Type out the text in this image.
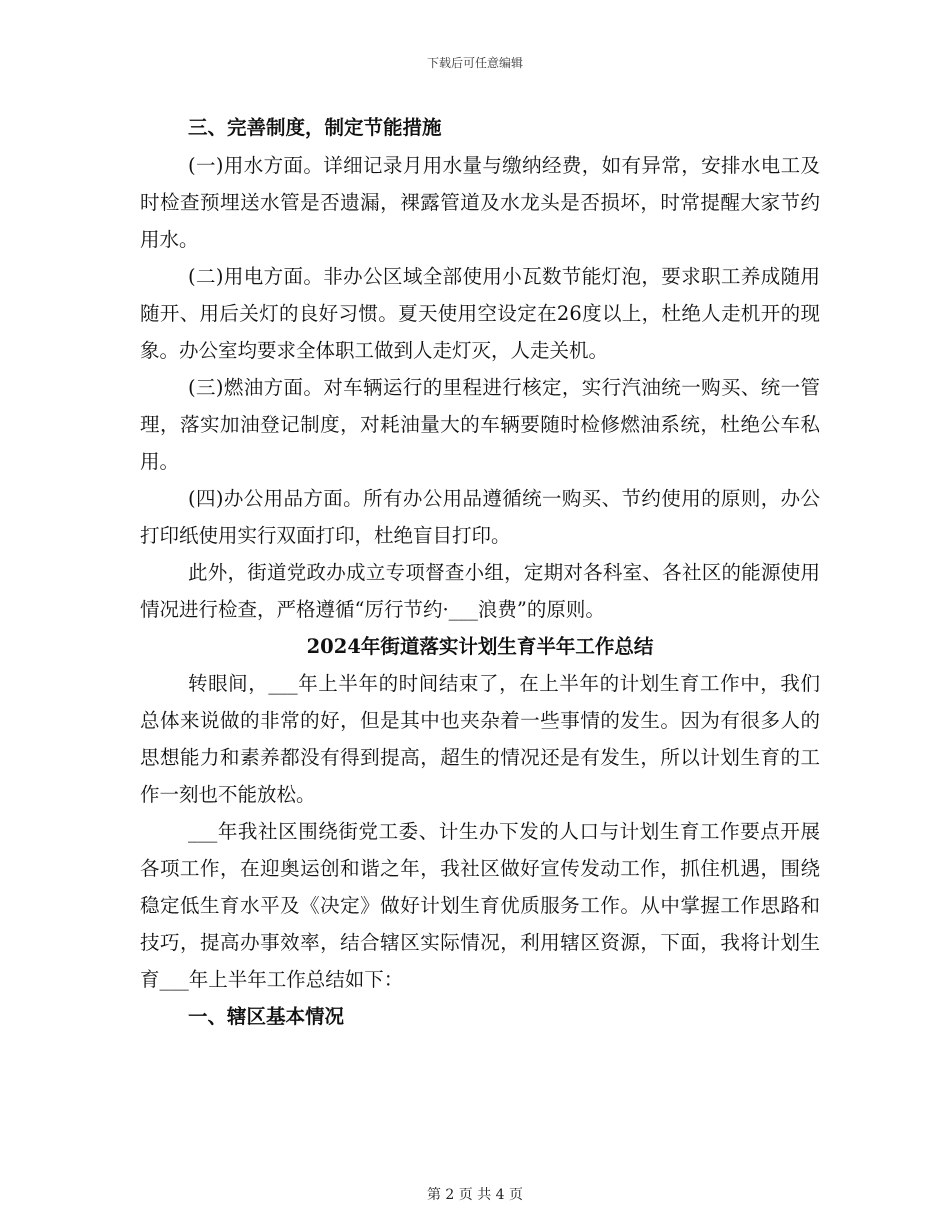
下载后可任意编辑
三、完善制度，制定节能措施

(一)用水方面。详细记录月用水量与缴纳经费，如有异常，安排水电工及时检查预埋送水管是否遗漏，裸露管道及水龙头是否损坏，时常提醒大家节约用水。

(二)用电方面。非办公区域全部使用小瓦数节能灯泡，要求职工养成随用随开、用后关灯的良好习惯。夏天使用空设定在26度以上，杜绝人走机开的现象。办公室均要求全体职工做到人走灯灭，人走关机。

(三)燃油方面。对车辆运行的里程进行核定，实行汽油统一购买、统一管理，落实加油登记制度，对耗油量大的车辆要随时检修燃油系统，杜绝公车私用。

(四)办公用品方面。所有办公用品遵循统一购买、节约使用的原则，办公打印纸使用实行双面打印，杜绝盲目打印。

此外，街道党政办成立专项督查小组，定期对各科室、各社区的能源使用情况进行检查，严格遵循“厉行节约·___浪费”的原则。

2024年街道落实计划生育半年工作总结

转眼间，___年上半年的时间结束了，在上半年的计划生育工作中，我们总体来说做的非常的好，但是其中也夹杂着一些事情的发生。因为有很多人的思想能力和素养都没有得到提高，超生的情况还是有发生，所以计划生育的工作一刻也不能放松。

___年我社区围绕街党工委、计生办下发的人口与计划生育工作要点开展各项工作，在迎奥运创和谐之年，我社区做好宣传发动工作，抓住机遇，围绕稳定低生育水平及《决定》做好计划生育优质服务工作。从中掌握工作思路和技巧，提高办事效率，结合辖区实际情况，利用辖区资源，下面，我将计划生育___年上半年工作总结如下：

一、辖区基本情况
第 2 页 共 4 页
